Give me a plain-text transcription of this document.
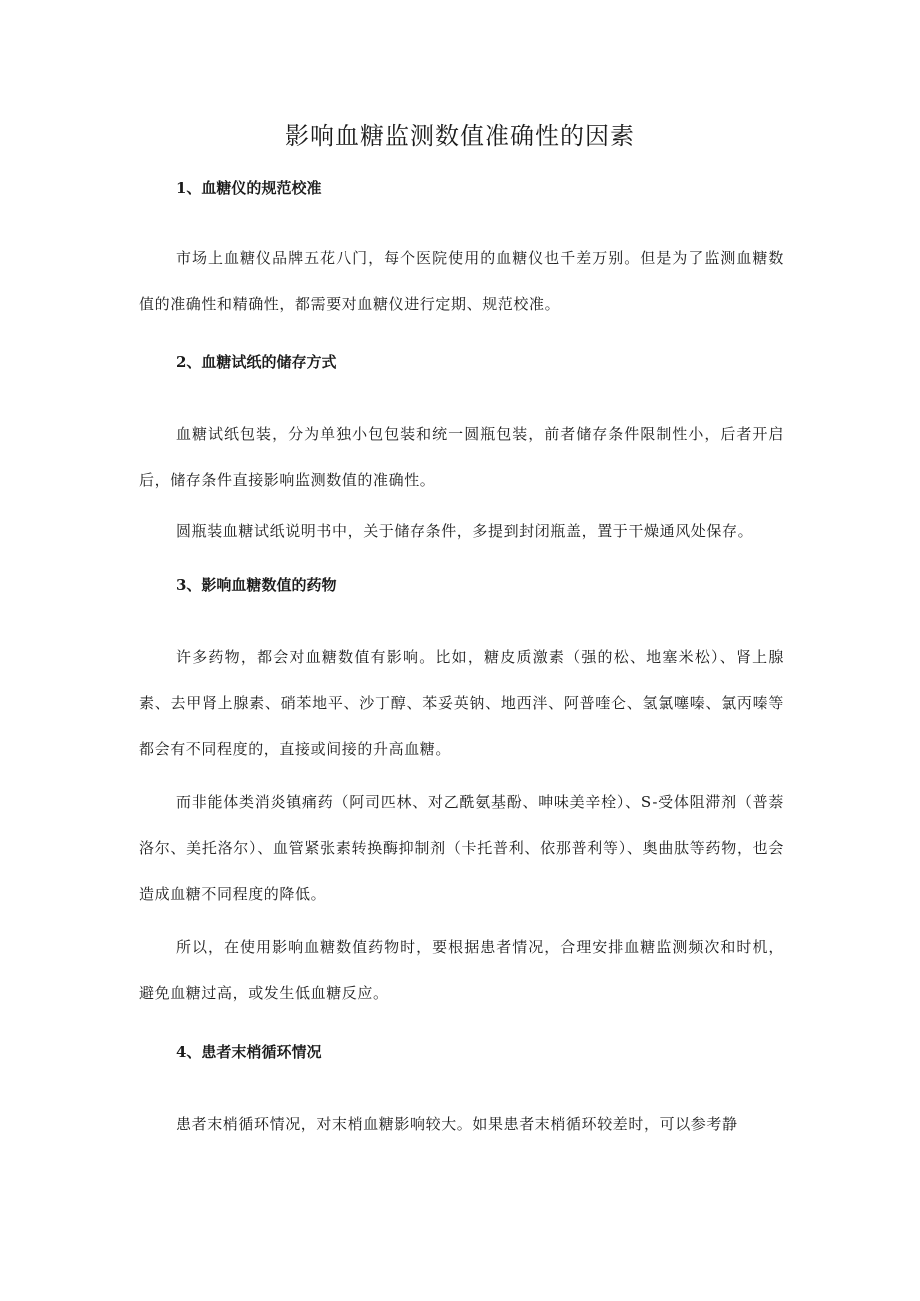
影响血糖监测数值准确性的因素
1、血糖仪的规范校准

市场上血糖仪品牌五花八门，每个医院使用的血糖仪也千差万别。但是为了监测血糖数值的准确性和精确性，都需要对血糖仪进行定期、规范校准。

2、血糖试纸的储存方式

血糖试纸包装，分为单独小包包装和统一圆瓶包装，前者储存条件限制性小，后者开启后，储存条件直接影响监测数值的准确性。

圆瓶装血糖试纸说明书中，关于储存条件，多提到封闭瓶盖，置于干燥通风处保存。

3、影响血糖数值的药物

许多药物，都会对血糖数值有影响。比如，糖皮质激素（强的松、地塞米松）、肾上腺素、去甲肾上腺素、硝苯地平、沙丁醇、苯妥英钠、地西泮、阿普喹仑、氢氯噻嗪、氯丙嗪等都会有不同程度的，直接或间接的升高血糖。

而非能体类消炎镇痛药（阿司匹林、对乙酰氨基酚、呻味美辛栓）、S-受体阻滞剂（普萘洛尔、美托洛尔）、血管紧张素转换酶抑制剂（卡托普利、依那普利等）、奥曲肽等药物，也会造成血糖不同程度的降低。

所以，在使用影响血糖数值药物时，要根据患者情况，合理安排血糖监测频次和时机，避免血糖过高，或发生低血糖反应。

4、患者末梢循环情况

患者末梢循环情况，对末梢血糖影响较大。如果患者末梢循环较差时，可以参考静
